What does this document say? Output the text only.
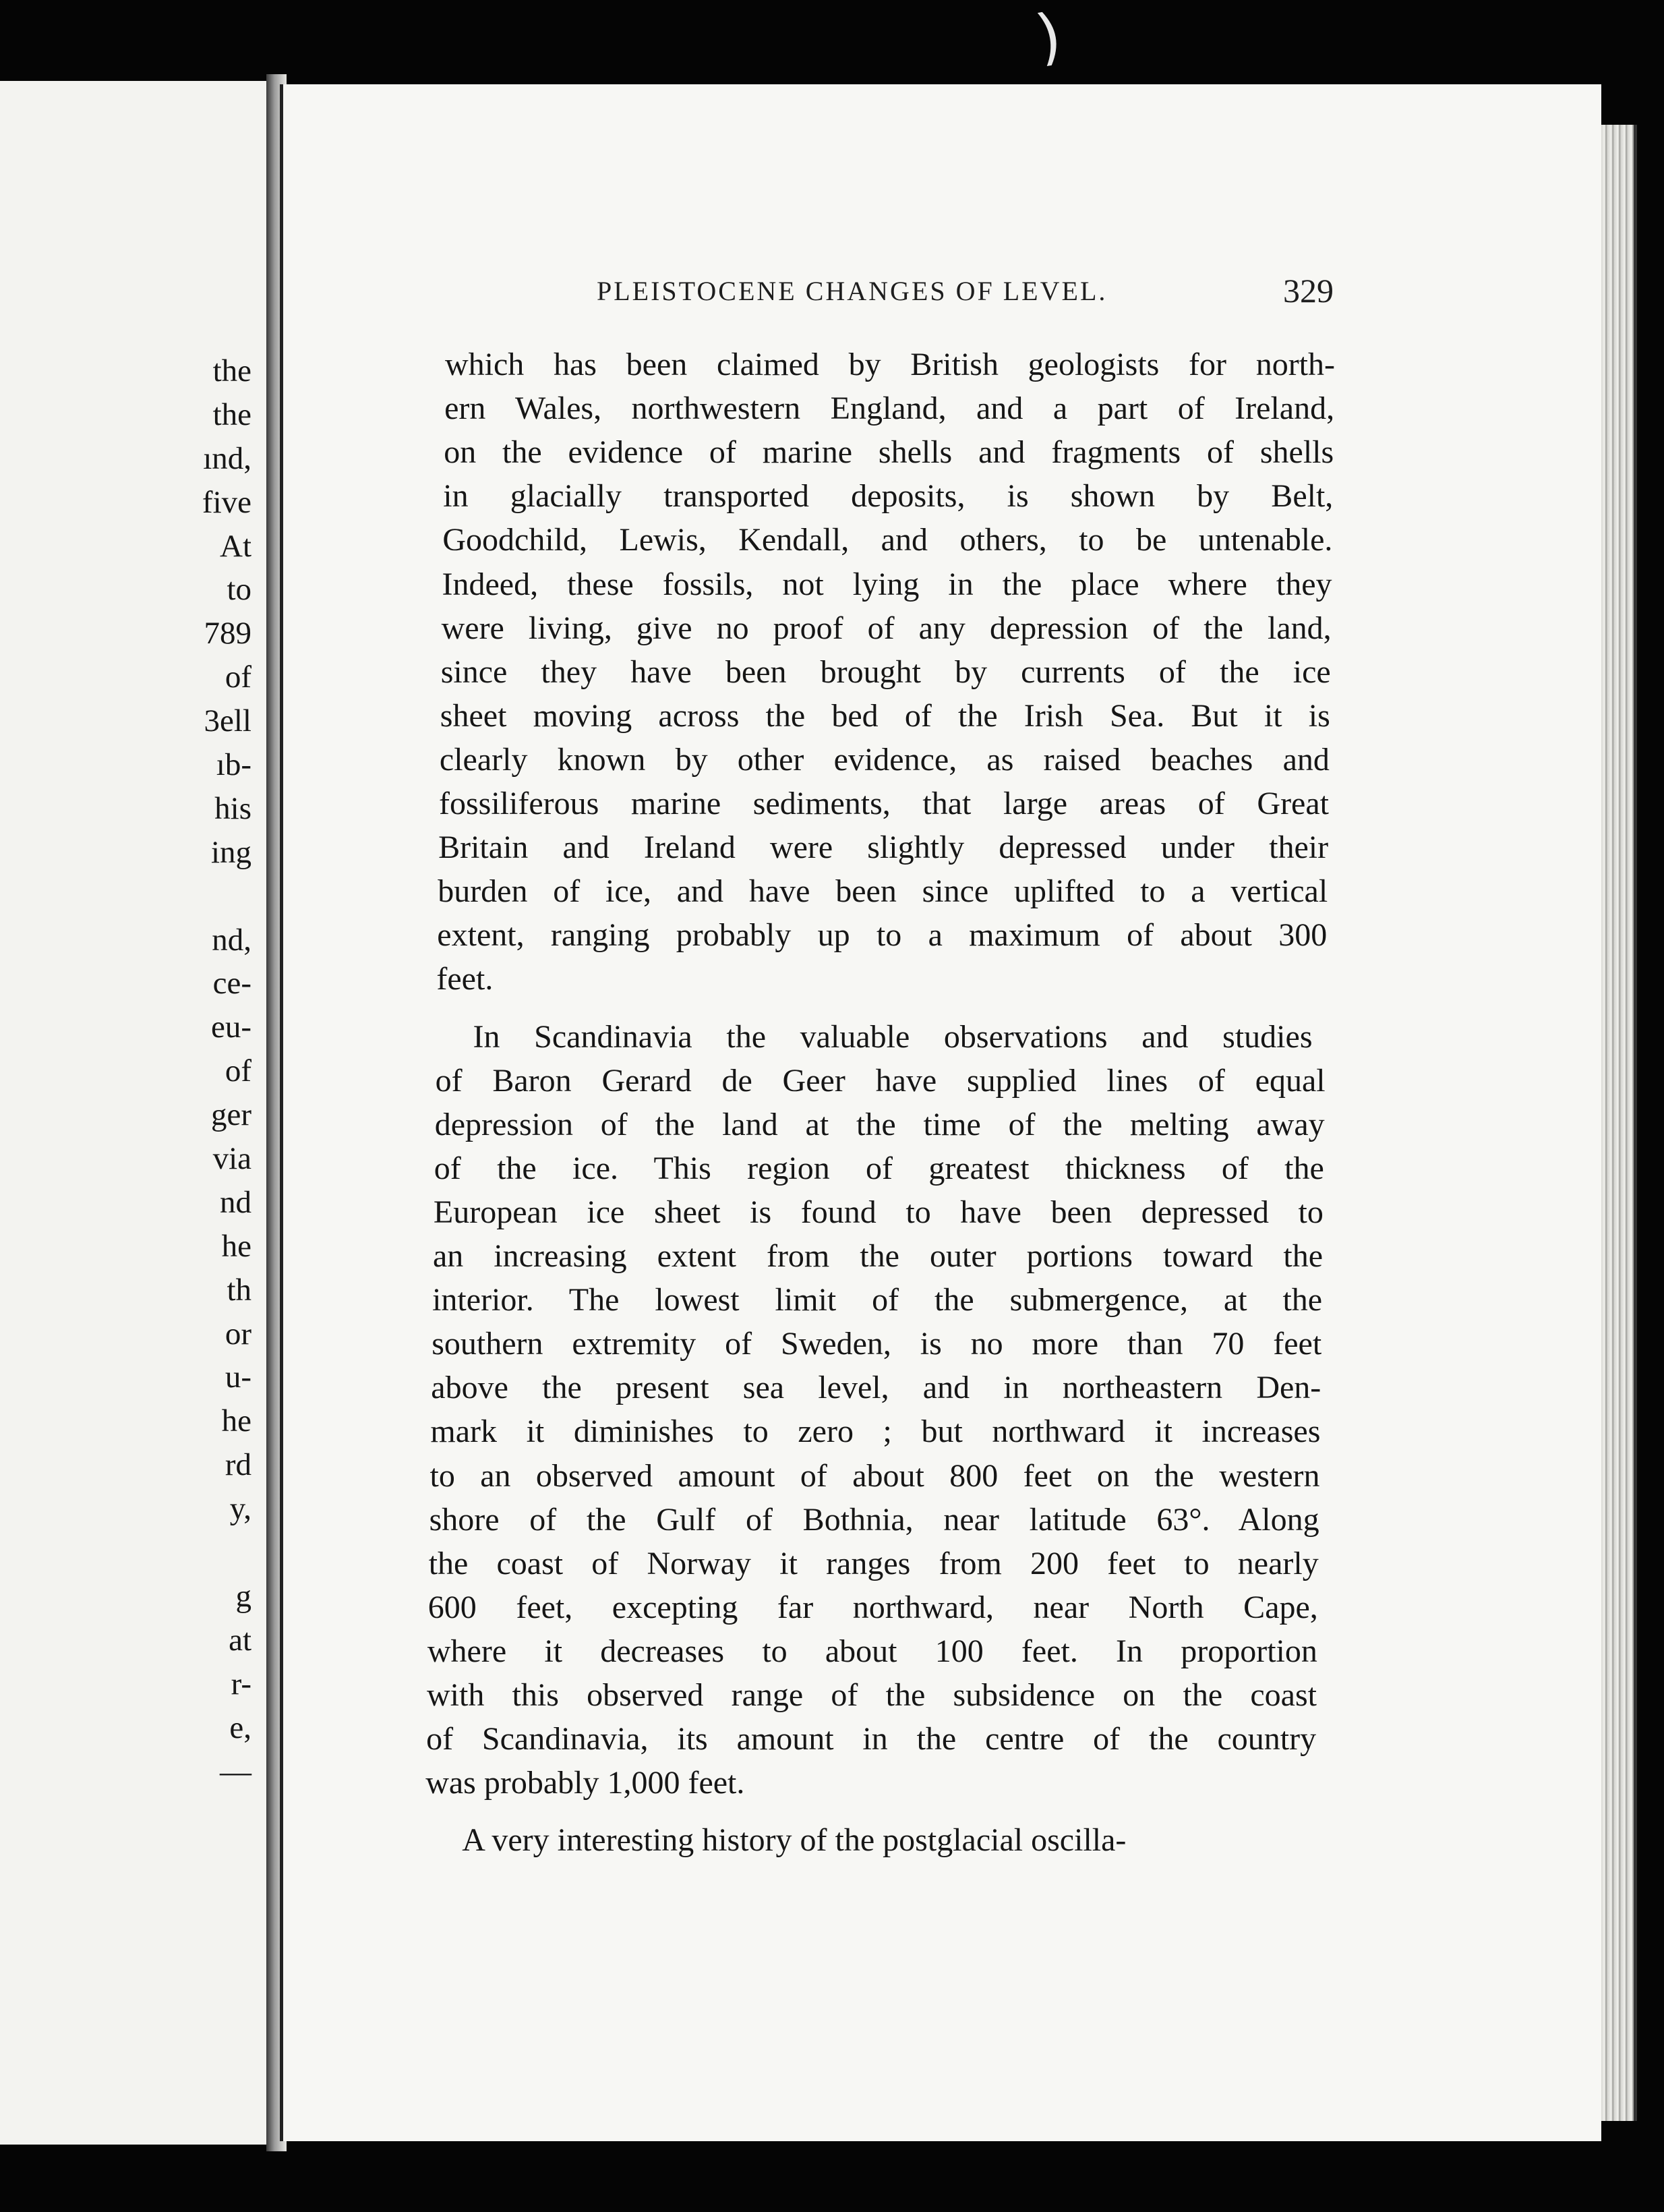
the
the
ınd,
five
At
to
789
of
3ell
ıb-
his
ing
nd,
ce-
eu-
of
ger
via
nd
he
th
or
u-
he
rd
y,
g
at
r-
e,
—
)
PLEISTOCENE CHANGES OF LEVEL.	329
which has been claimed by British geologists for north-
ern Wales, northwestern England, and a part of Ireland,
on the evidence of marine shells and fragments of shells
in glacially transported deposits, is shown by Belt,
Goodchild, Lewis, Kendall, and others, to be untenable.
Indeed, these fossils, not lying in the place where they
were living, give no proof of any depression of the land,
since they have been brought by currents of the ice
sheet moving across the bed of the Irish Sea. But it is
clearly known by other evidence, as raised beaches and
fossiliferous marine sediments, that large areas of Great
Britain and Ireland were slightly depressed under their
burden of ice, and have been since uplifted to a vertical
extent, ranging probably up to a maximum of about 300
feet.
In Scandinavia the valuable observations and studies
of Baron Gerard de Geer have supplied lines of equal
depression of the land at the time of the melting away
of the ice. This region of greatest thickness of the
European ice sheet is found to have been depressed to
an increasing extent from the outer portions toward the
interior. The lowest limit of the submergence, at the
southern extremity of Sweden, is no more than 70 feet
above the present sea level, and in northeastern Den-
mark it diminishes to zero ; but northward it increases
to an observed amount of about 800 feet on the western
shore of the Gulf of Bothnia, near latitude 63°. Along
the coast of Norway it ranges from 200 feet to nearly
600 feet, excepting far northward, near North Cape,
where it decreases to about 100 feet. In proportion
with this observed range of the subsidence on the coast
of Scandinavia, its amount in the centre of the country
was probably 1,000 feet.
A very interesting history of the postglacial oscilla-
